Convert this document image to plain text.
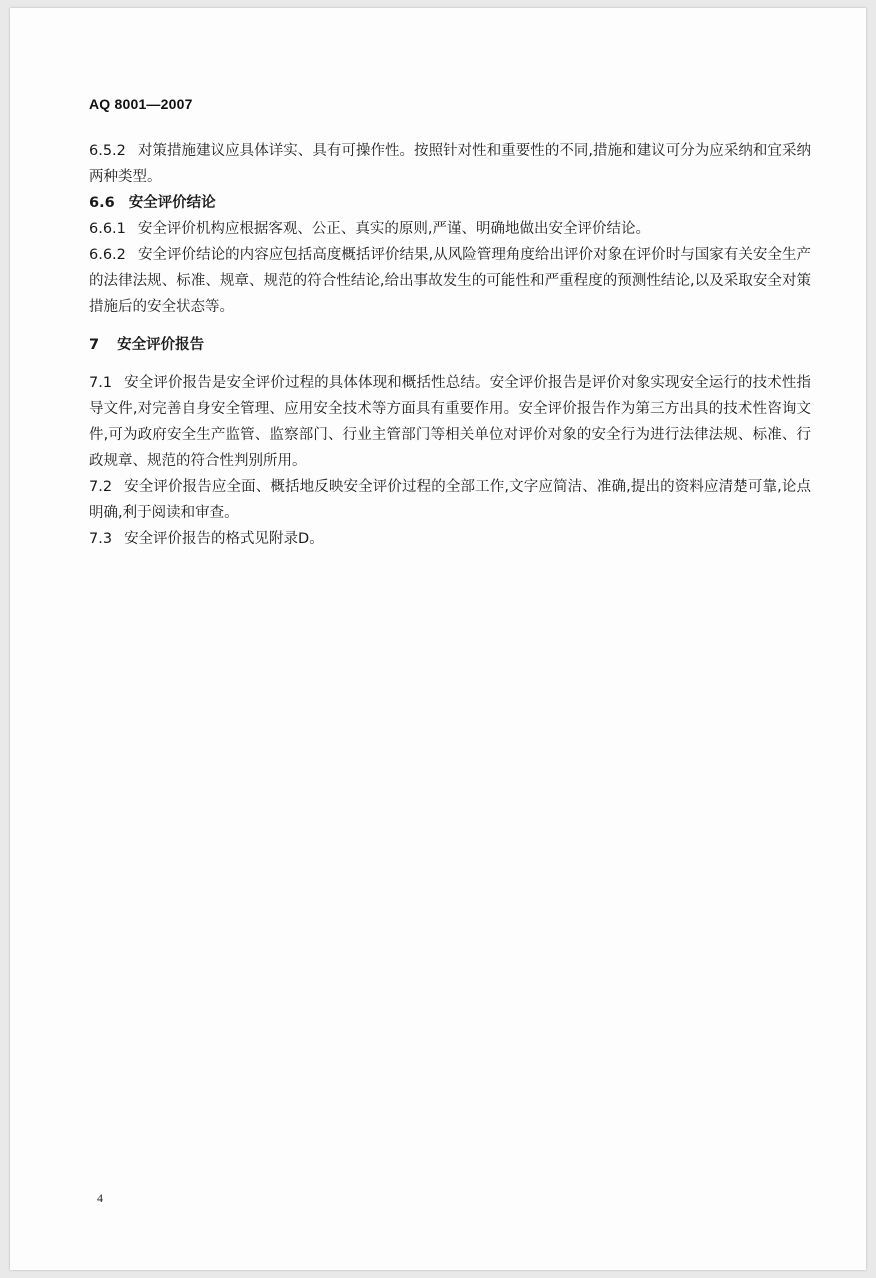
AQ 8001—2007

6.5.2 对策措施建议应具体详实、具有可操作性。按照针对性和重要性的不同,措施和建议可分为应采纳和宜采纳两种类型。

6.6 安全评价结论

6.6.1 安全评价机构应根据客观、公正、真实的原则,严谨、明确地做出安全评价结论。

6.6.2 安全评价结论的内容应包括高度概括评价结果,从风险管理角度给出评价对象在评价时与国家有关安全生产的法律法规、标准、规章、规范的符合性结论,给出事故发生的可能性和严重程度的预测性结论,以及采取安全对策措施后的安全状态等。

7 安全评价报告

7.1 安全评价报告是安全评价过程的具体体现和概括性总结。安全评价报告是评价对象实现安全运行的技术性指导文件,对完善自身安全管理、应用安全技术等方面具有重要作用。安全评价报告作为第三方出具的技术性咨询文件,可为政府安全生产监管、监察部门、行业主管部门等相关单位对评价对象的安全行为进行法律法规、标准、行政规章、规范的符合性判别所用。

7.2 安全评价报告应全面、概括地反映安全评价过程的全部工作,文字应简洁、准确,提出的资料应清楚可靠,论点明确,利于阅读和审查。

7.3 安全评价报告的格式见附录D。

4
